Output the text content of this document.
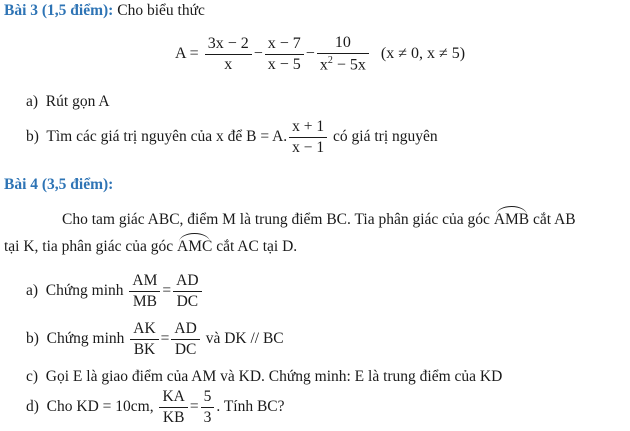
Bài 3 (1,5 điểm): Cho biểu thức
$A = \frac{3x - 2}{x} - \frac{x - 7}{x - 5} - \frac{10}{x^2 - 5x} (x \ne 0$, x ≠ 5)
a) Rút gọn A
b) Tìm các giá trị nguyên của x để B = A. $\frac{x + 1}{x - 1}$ có giá trị nguyên
Bài 4 (3,5 điểm):
Cho tam giác ABC, điểm M là trung điểm BC. Tia phân giác của góc AMB cắt AB
tại K, tia phân giác của góc AMC cắt AC tại D.
a) Chứng minh $\frac{AM}{MB} = \frac{AD}{DC}$
b) Chứng minh $\frac{AK}{BK} = \frac{AD}{DC}$ và DK // BC
c) Gọi E là giao điểm của AM và KD. Chứng minh: E là trung điểm của KD
d) Cho KD = 10cm, $\frac{KA}{KB} = \frac{5}{3}$ . Tính BC?
